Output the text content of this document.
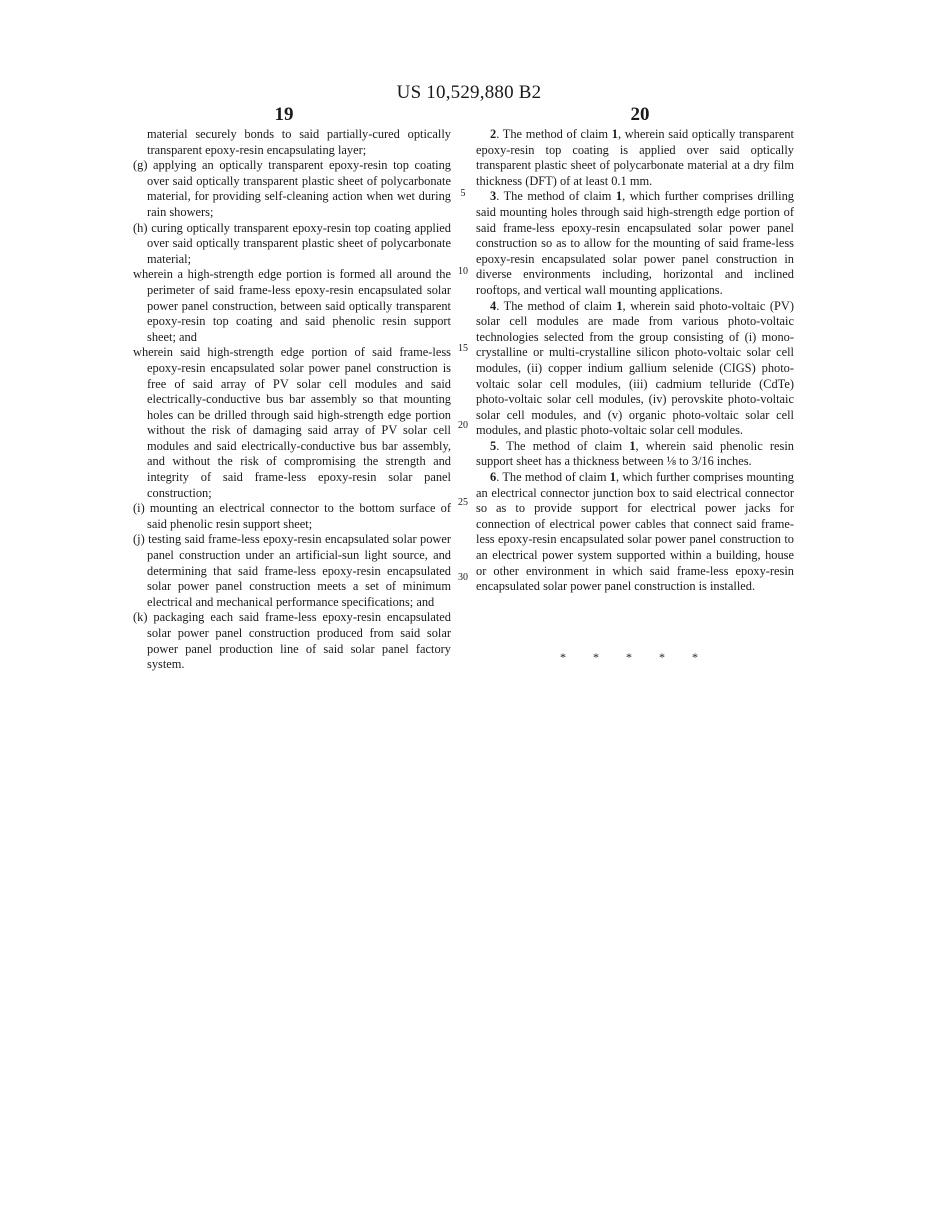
US 10,529,880 B2
19	20

material securely bonds to said partially-cured optically transparent epoxy-resin encapsulating layer;

(g) applying an optically transparent epoxy-resin top coating over said optically transparent plastic sheet of polycarbonate material, for providing self-cleaning action when wet during rain showers;

(h) curing optically transparent epoxy-resin top coating applied over said optically transparent plastic sheet of polycarbonate material;

wherein a high-strength edge portion is formed all around the perimeter of said frame-less epoxy-resin encapsulated solar power panel construction, between said optically transparent epoxy-resin top coating and said phenolic resin support sheet; and

wherein said high-strength edge portion of said frame-less epoxy-resin encapsulated solar power panel construction is free of said array of PV solar cell modules and said electrically-conductive bus bar assembly so that mounting holes can be drilled through said high-strength edge portion without the risk of damaging said array of PV solar cell modules and said electrically-conductive bus bar assembly, and without the risk of compromising the strength and integrity of said frame-less epoxy-resin solar panel construction;

(i) mounting an electrical connector to the bottom surface of said phenolic resin support sheet;

(j) testing said frame-less epoxy-resin encapsulated solar power panel construction under an artificial-sun light source, and determining that said frame-less epoxy-resin encapsulated solar power panel construction meets a set of minimum electrical and mechanical performance specifications; and

(k) packaging each said frame-less epoxy-resin encapsulated solar power panel construction produced from said solar power panel production line of said solar panel factory system.

5
10
15
20
25
30

2. The method of claim 1, wherein said optically transparent epoxy-resin top coating is applied over said optically transparent plastic sheet of polycarbonate material at a dry film thickness (DFT) of at least 0.1 mm.

3. The method of claim 1, which further comprises drilling said mounting holes through said high-strength edge portion of said frame-less epoxy-resin encapsulated solar power panel construction so as to allow for the mounting of said frame-less epoxy-resin encapsulated solar power panel construction in diverse environments including, horizontal and inclined rooftops, and vertical wall mounting applications.

4. The method of claim 1, wherein said photo-voltaic (PV) solar cell modules are made from various photo-voltaic technologies selected from the group consisting of (i) mono-crystalline or multi-crystalline silicon photo-voltaic solar cell modules, (ii) copper indium gallium selenide (CIGS) photo-voltaic solar cell modules, (iii) cadmium telluride (CdTe) photo-voltaic solar cell modules, (iv) perovskite photo-voltaic solar cell modules, and (v) organic photo-voltaic solar cell modules, and plastic photo-voltaic solar cell modules.

5. The method of claim 1, wherein said phenolic resin support sheet has a thickness between ⅛ to 3/16 inches.

6. The method of claim 1, which further comprises mounting an electrical connector junction box to said electrical connector so as to provide support for electrical power jacks for connection of electrical power cables that connect said frame-less epoxy-resin encapsulated solar power panel construction to an electrical power system supported within a building, house or other environment in which said frame-less epoxy-resin encapsulated solar power panel construction is installed.

* * * * *
